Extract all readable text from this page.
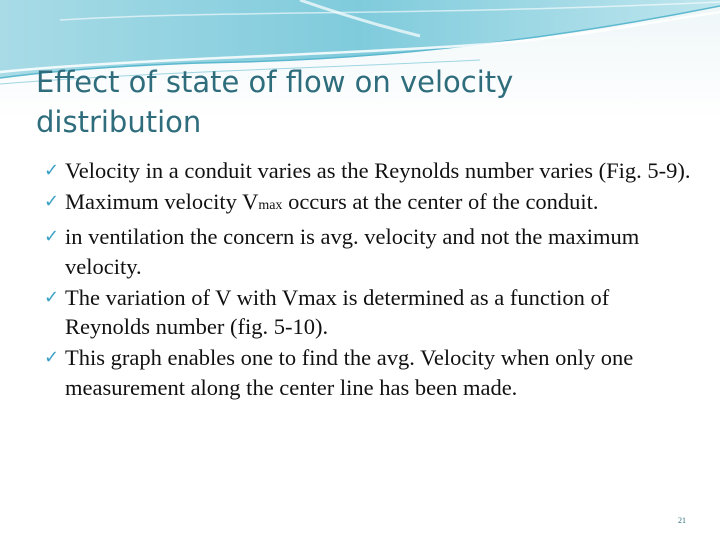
Effect of state of flow on velocity distribution
✓ Velocity in a conduit varies as the Reynolds number varies (Fig. 5-9).
✓ Maximum velocity Vmax occurs at the center of the conduit.
✓ in ventilation the concern is avg. velocity and not the maximum velocity.
✓ The variation of V with Vmax is determined as a function of Reynolds number (fig. 5-10).
✓ This graph enables one to find the avg. Velocity when only one measurement along the center line has been made.
21
